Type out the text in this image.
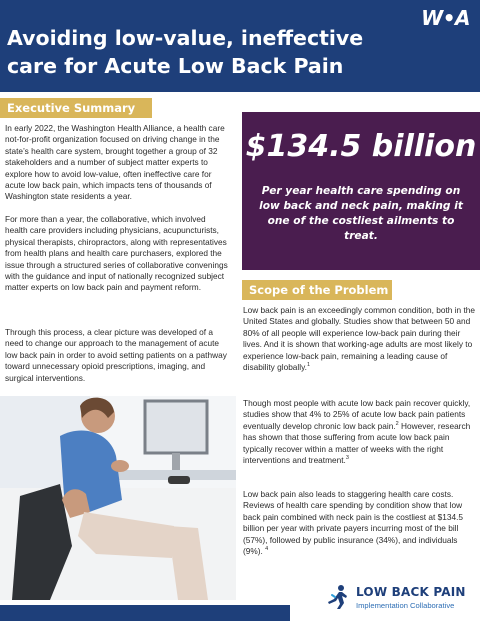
Avoiding low-value, ineffective care for Acute Low Back Pain
W•A
Executive Summary
In early 2022, the Washington Health Alliance, a health care not-for-profit organization focused on driving change in the state’s health care system, brought together a group of 32 stakeholders and a number of subject matter experts to explore how to avoid low-value, often ineffective care for acute low back pain, which impacts tens of thousands of Washington state residents a year.
For more than a year, the collaborative, which involved health care providers including physicians, acupuncturists, physical therapists, chiropractors, along with representatives from health plans and health care purchasers, explored the issue through a structured series of collaborative convenings with the guidance and input of nationally recognized subject matter experts on low back pain and payment reform.
Through this process, a clear picture was developed of a need to change our approach to the management of acute low back pain in order to avoid setting patients on a pathway toward unnecessary opioid prescriptions, imaging, and surgical interventions.
$134.5 billion
Per year health care spending on low back and neck pain, making it one of the costliest ailments to treat.
Scope of the Problem
Low back pain is an exceedingly common condition, both in the United States and globally. Studies show that between 50 and 80% of all people will experience low-back pain during their lives. And it is shown that working-age adults are most likely to experience low-back pain, remaining a leading cause of disability globally.$^1$
Though most people with acute low back pain recover quickly, studies show that 4% to 25% of acute low back pain patients eventually develop chronic low back pain.$^2$ However, research has shown that those suffering from acute low back pain typically recover within a matter of weeks with the right interventions and treatment.$^3$
Low back pain also leads to staggering health care costs. Reviews of health care spending by condition show that low back pain combined with neck pain is the costliest at $134.5 billion per year with private payers incurring most of the bill (57%), followed by public insurance (34%), and individuals (9%). $^4$
LOW BACK PAIN
Implementation Collaborative
